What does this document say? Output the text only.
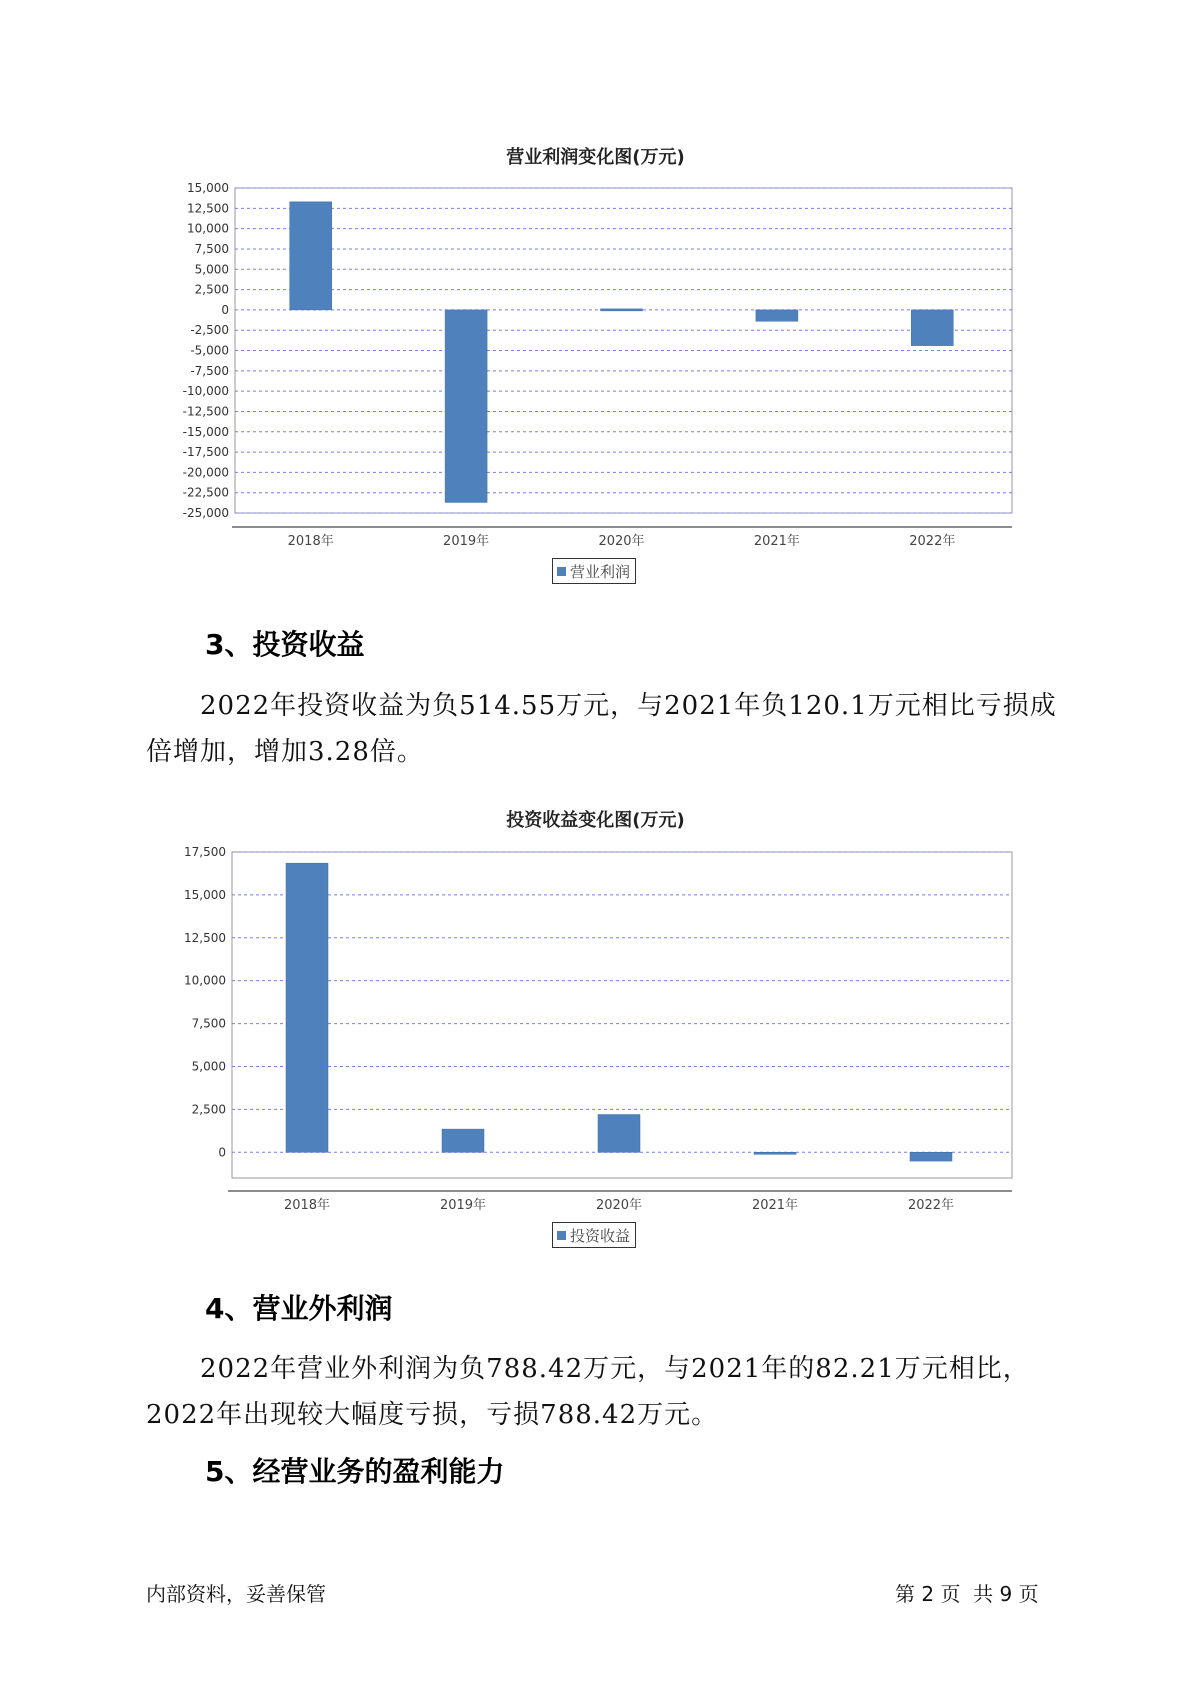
营业利润变化图(万元)
15,000
12,500
10,000
7,500
5,000
2,500
0
-2,500
-5,000
-7,500
-10,000
-12,500
-15,000
-17,500
-20,000
-22,500
-25,000
2018年	2019年	2020年	2021年	2022年
营业利润
3、投资收益
2022年投资收益为负514.55万元，与2021年负120.1万元相比亏损成倍增加，增加3.28倍。
投资收益变化图(万元)
17,500
15,000
12,500
10,000
7,500
5,000
2,500
0
2018年	2019年	2020年	2021年	2022年
投资收益
4、营业外利润
2022年营业外利润为负788.42万元，与2021年的82.21万元相比，2022年出现较大幅度亏损，亏损788.42万元。
5、经营业务的盈利能力
内部资料，妥善保管	第 2 页  共 9 页
